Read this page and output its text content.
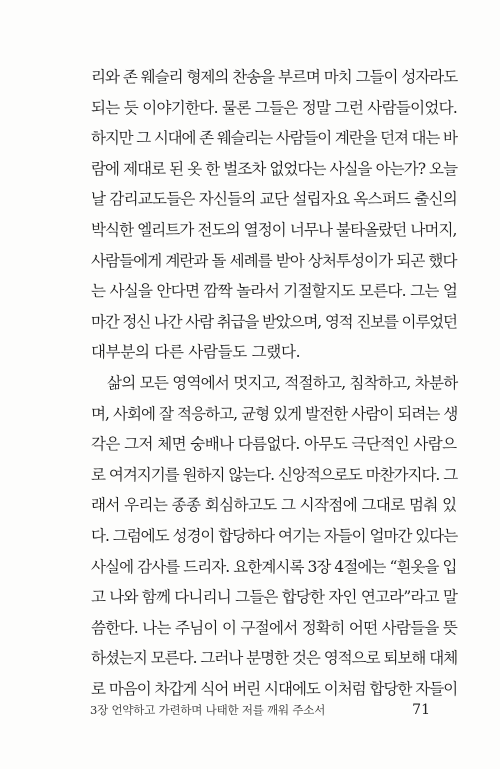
리와 존 웨슬리 형제의 찬송을 부르며 마치 그들이 성자라도
되는 듯 이야기한다. 물론 그들은 정말 그런 사람들이었다.
하지만 그 시대에 존 웨슬리는 사람들이 계란을 던져 대는 바
람에 제대로 된 옷 한 벌조차 없었다는 사실을 아는가? 오늘
날 감리교도들은 자신들의 교단 설립자요 옥스퍼드 출신의
박식한 엘리트가 전도의 열정이 너무나 불타올랐던 나머지,
사람들에게 계란과 돌 세례를 받아 상처투성이가 되곤 했다
는 사실을 안다면 깜짝 놀라서 기절할지도 모른다. 그는 얼
마간 정신 나간 사람 취급을 받았으며, 영적 진보를 이루었던
대부분의 다른 사람들도 그랬다.
삶의 모든 영역에서 멋지고, 적절하고, 침착하고, 차분하
며, 사회에 잘 적응하고, 균형 있게 발전한 사람이 되려는 생
각은 그저 체면 숭배나 다름없다. 아무도 극단적인 사람으
로 여겨지기를 원하지 않는다. 신앙적으로도 마찬가지다. 그
래서 우리는 종종 회심하고도 그 시작점에 그대로 멈춰 있
다. 그럼에도 성경이 합당하다 여기는 자들이 얼마간 있다는
사실에 감사를 드리자. 요한계시록 3장 4절에는 “흰옷을 입
고 나와 함께 다니리니 그들은 합당한 자인 연고라”라고 말
씀한다. 나는 주님이 이 구절에서 정확히 어떤 사람들을 뜻
하셨는지 모른다. 그러나 분명한 것은 영적으로 퇴보해 대체
로 마음이 차갑게 식어 버린 시대에도 이처럼 합당한 자들이
3장 언약하고 가련하며 나태한 저를 깨워 주소서	71
